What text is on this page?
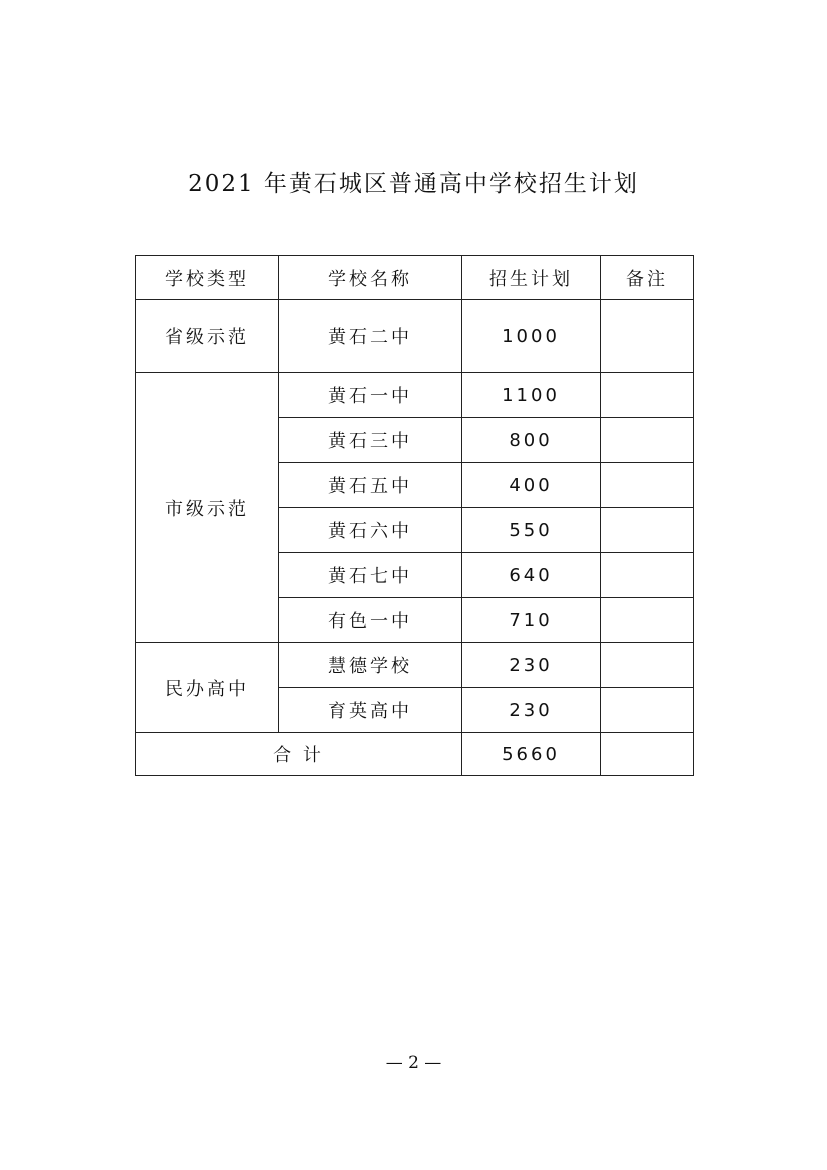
2021 年黄石城区普通高中学校招生计划
学校类型	学校名称	招生计划	备注
省级示范	黄石二中	1000	
市级示范	黄石一中	1100	
	黄石三中	800	
	黄石五中	400	
	黄石六中	550	
	黄石七中	640	
	有色一中	710	
民办高中	慧德学校	230	
	育英高中	230	
合 计		5660	
— 2 —
